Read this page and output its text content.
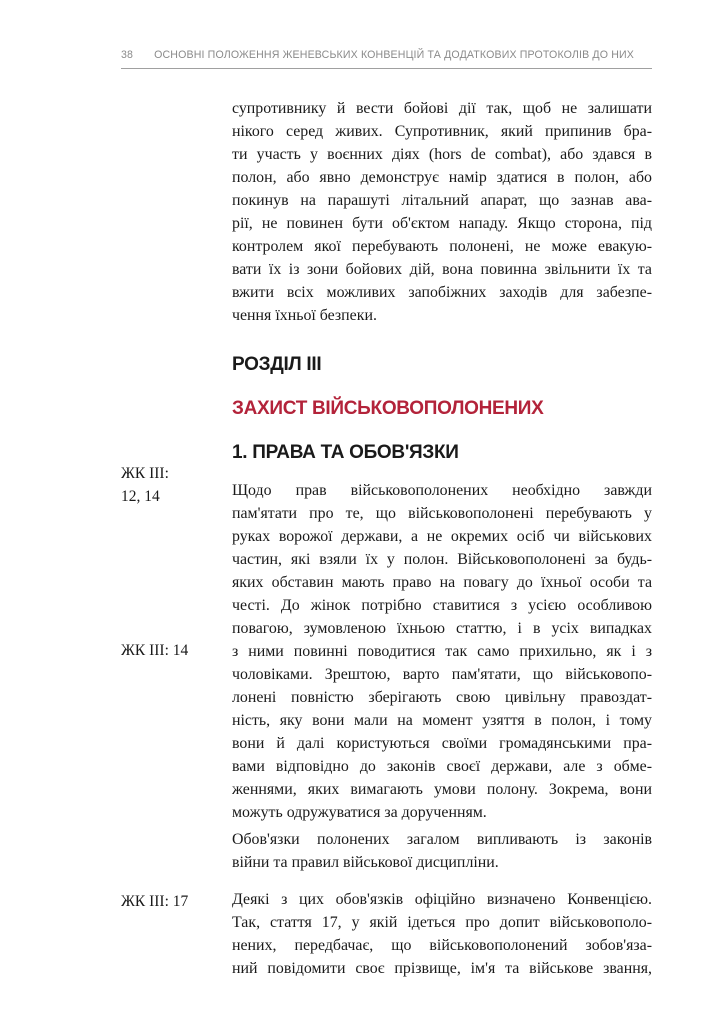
38 ОСНОВНІ ПОЛОЖЕННЯ ЖЕНЕВСЬКИХ КОНВЕНЦІЙ ТА ДОДАТКОВИХ ПРОТОКОЛІВ ДО НИХ

супротивнику й вести бойові дії так, щоб не залишати
нікого серед живих. Супротивник, який припинив бра-
ти участь у воєнних діях (hors de combat), або здався в
полон, або явно демонструє намір здатися в полон, або
покинув на парашуті літальний апарат, що зазнав ава-
рії, не повинен бути об'єктом нападу. Якщо сторона, під
контролем якої перебувають полонені, не може евакую-
вати їх із зони бойових дій, вона повинна звільнити їх та
вжити всіх можливих запобіжних заходів для забезпе-
чення їхньої безпеки.

РОЗДІЛ ІІІ
ЗАХИСТ ВІЙСЬКОВОПОЛОНЕНИХ
1. ПРАВА ТА ОБОВ'ЯЗКИ
ЖК ІІІ:
12, 14
ЖК ІІІ: 14
ЖК ІІІ: 17

Щодо прав військовополонених необхідно завжди
пам'ятати про те, що військовополонені перебувають у
руках ворожої держави, а не окремих осіб чи військових
частин, які взяли їх у полон. Військовополонені за будь-
яких обставин мають право на повагу до їхньої особи та
честі. До жінок потрібно ставитися з усією особливою
повагою, зумовленою їхньою статтю, і в усіх випадках
з ними повинні поводитися так само прихильно, як і з
чоловіками. Зрештою, варто пам'ятати, що військовопо-
лонені повністю зберігають свою цивільну правоздат-
ність, яку вони мали на момент узяття в полон, і тому
вони й далі користуються своїми громадянськими пра-
вами відповідно до законів своєї держави, але з обме-
женнями, яких вимагають умови полону. Зокрема, вони
можуть одружуватися за дорученням.

Обов'язки полонених загалом випливають із законів
війни та правил військової дисципліни.

Деякі з цих обов'язків офіційно визначено Конвенцією.
Так, стаття 17, у якій ідеться про допит військовополо-
нених, передбачає, що військовополонений зобов'яза-
ний повідомити своє прізвище, ім'я та військове звання,
